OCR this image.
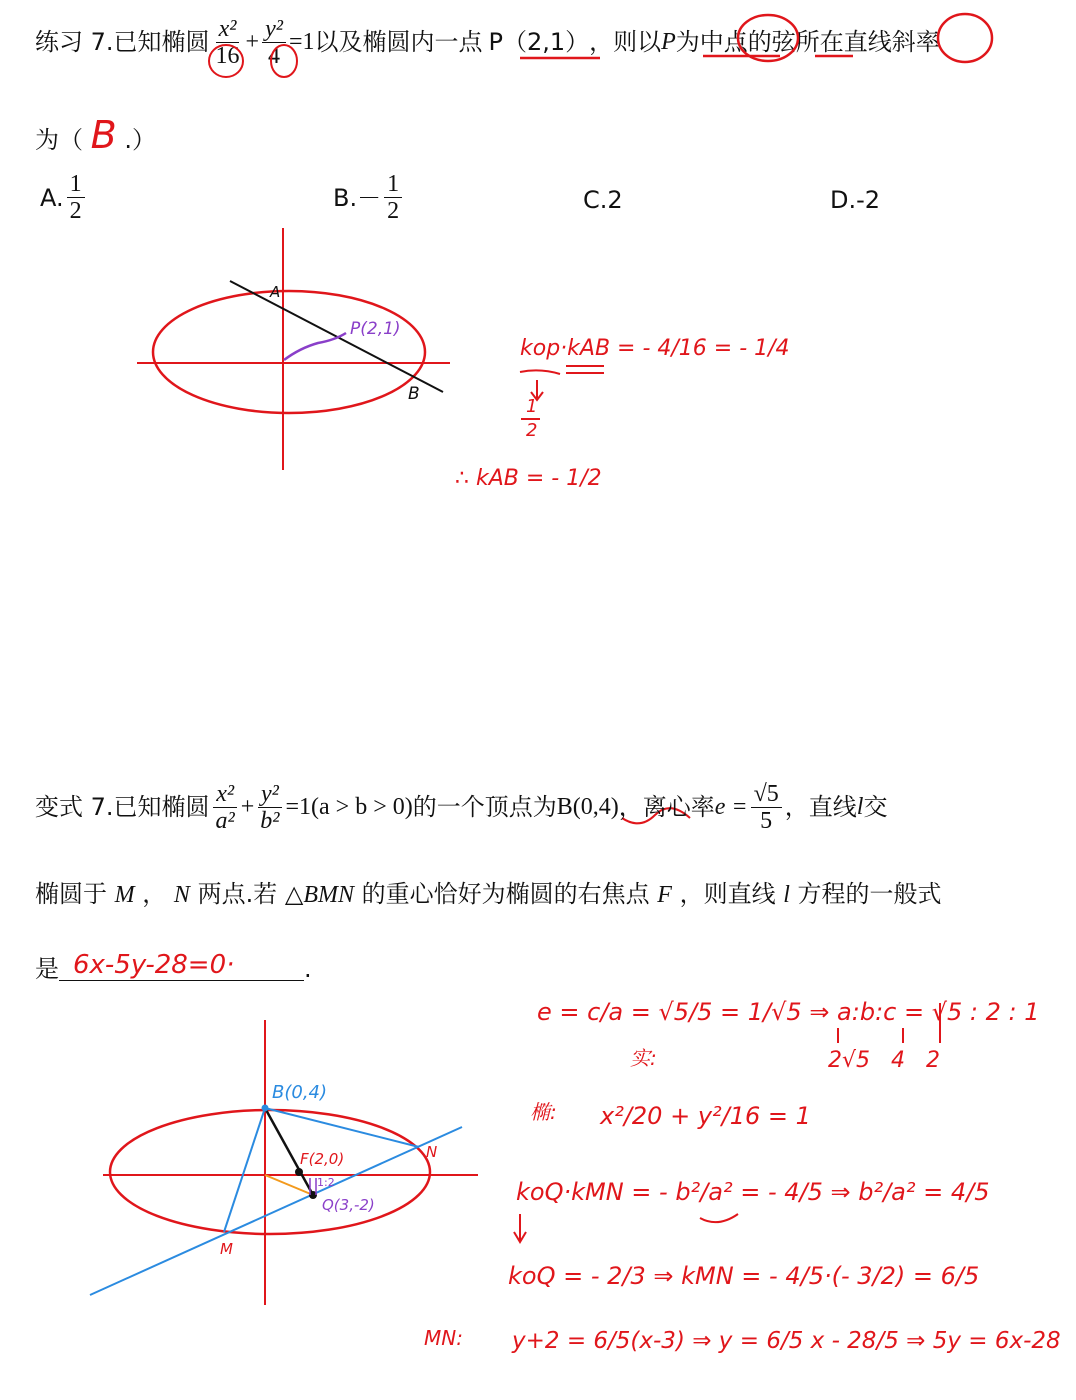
练习 7.已知椭圆 $\frac{\text{x²}}{16} + \frac{\text{y²}}{4} =1$ 以及椭圆内一点 P（2,1） ，则以 P 为中点的弦所在直线斜率
为（ B .）
A. $\frac{1}{2}$	$B.- \frac{1}{2}$	C.2	D.-2
A
B
P(2,1)
kop·kAB = - 4/16 = - 1/4
1
2
∴ kAB = - 1/2
变式 7.已知椭圆 $\frac{\text{x²}}{\text{a²}} + \frac{\text{y²}}{\text{b²}} =1(a > b > 0)$ 的一个顶点为 B(0,4) ，离心率 $e = \frac{√5}{5}$ ，直线 l 交
椭圆于 M ， N 两点.若 △BMN 的重心恰好为椭圆的右焦点 F ，则直线 l 方程的一般式
是 6x-5y-28=0·	.
B(0,4)
F(2,0)	N
M
Q(3,-2)
1:2
e = c/a = √5/5 = 1/√5 ⇒ a:b:c = √5 : 2 : 1
实:	2√5   4   2
椭: x²/20 + y²/16 = 1
koQ·kMN = - b²/a² = - 4/5 ⇒ b²/a² = 4/5
koQ = - 2/3 ⇒ kMN = - 4/5·(- 3/2) = 6/5
MN: y+2 = 6/5(x-3) ⇒ y = 6/5 x - 28/5 ⇒ 5y = 6x-28
